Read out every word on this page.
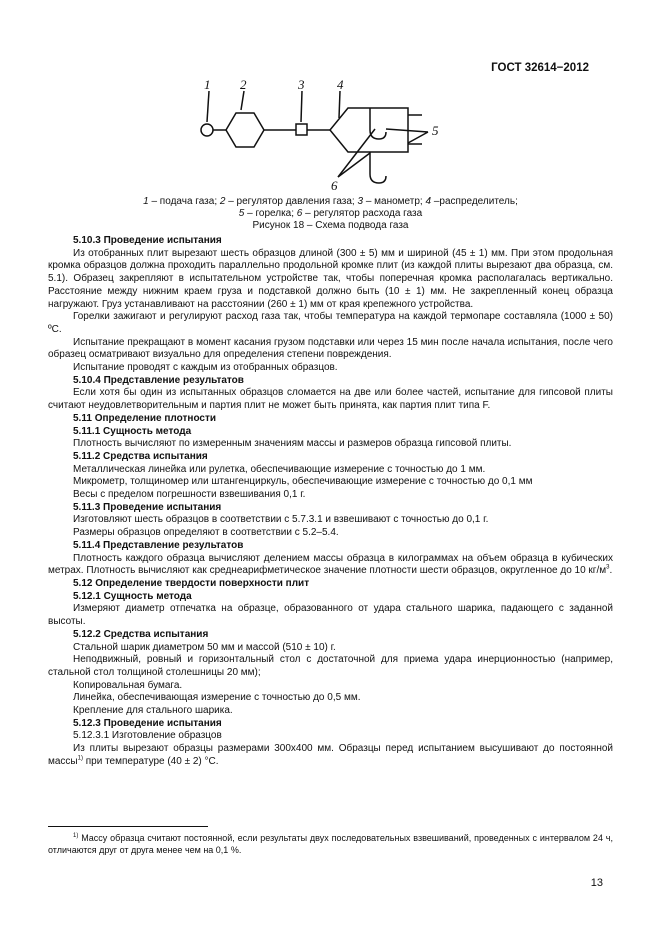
ГОСТ 32614−2012
1 2	3	4
5
6
1 – подача газа; 2 – регулятор давления газа; 3 – манометр; 4 –распределитель;
5 – горелка; 6 – регулятор расхода газа
Рисунок 18 – Схема подвода газа

5.10.3 Проведение испытания

Из отобранных плит вырезают шесть образцов длиной (300 ± 5) мм и шириной (45 ± 1) мм. При этом продольная кромка образцов должна проходить параллельно продольной кромке плит (из каждой плиты вырезают два образца, см. 5.1). Образец закрепляют в испытательном устройстве так, чтобы поперечная кромка располагалась вертикально. Расстояние между нижним краем груза и подставкой должно быть (10 ± 1) мм. Не закрепленный конец образца нагружают. Груз устанавливают на расстоянии (260 ± 1) мм от края крепежного устройства.

Горелки зажигают и регулируют расход газа так, чтобы температура на каждой термопаре составляла (1000 ± 50) ºС.

Испытание прекращают в момент касания грузом подставки или через 15 мин после начала испытания, после чего образец осматривают визуально для определения степени повреждения.

Испытание проводят с каждым из отобранных образцов.

5.10.4 Представление результатов

Если хотя бы один из испытанных образцов сломается на две или более частей, испытание для гипсовой плиты считают неудовлетворительным и партия плит не может быть принята, как партия плит типа F.

5.11 Определение плотности

5.11.1 Сущность метода

Плотность вычисляют по измеренным значениям массы и размеров образца гипсовой плиты.

5.11.2 Средства испытания

Металлическая линейка или рулетка, обеспечивающие измерение с точностью до 1 мм.

Микрометр, толщиномер или штангенциркуль, обеспечивающие измерение с точностью до 0,1 мм

Весы с пределом погрешности взвешивания 0,1 г.

5.11.3 Проведение испытания

Изготовляют шесть образцов в соответствии с 5.7.3.1 и взвешивают с точностью до 0,1 г.

Размеры образцов определяют в соответствии с 5.2–5.4.

5.11.4 Представление результатов

Плотность каждого образца вычисляют делением массы образца в килограммах на объем образца в кубических метрах. Плотность вычисляют как среднеарифметическое значение плотности шести образцов, округленное до 10 $кг/м^3$.

5.12 Определение твердости поверхности плит

5.12.1 Сущность метода

Измеряют диаметр отпечатка на образце, образованного от удара стального шарика, падающего с заданной высоты.

5.12.2 Средства испытания

Стальной шарик диаметром 50 мм и массой (510 ± 10) г.

Неподвижный, ровный и горизонтальный стол с достаточной для приема удара инерционностью (например, стальной стол толщиной столешницы 20 мм);

Копировальная бумага.

Линейка, обеспечивающая измерение с точностью до 0,5 мм.

Крепление для стального шарика.

5.12.3 Проведение испытания

5.12.3.1 Изготовление образцов

Из плиты вырезают образцы размерами 300x400 мм. Образцы перед испытанием высушивают до постоянной массы$^{1)}$ при температуре (40 ± 2) °С.

$^{1)}$ Массу образца считают постоянной, если результаты двух последовательных взвешиваний, проведенных с интервалом 24 ч, отличаются друг от друга менее чем на 0,1 %.

13
